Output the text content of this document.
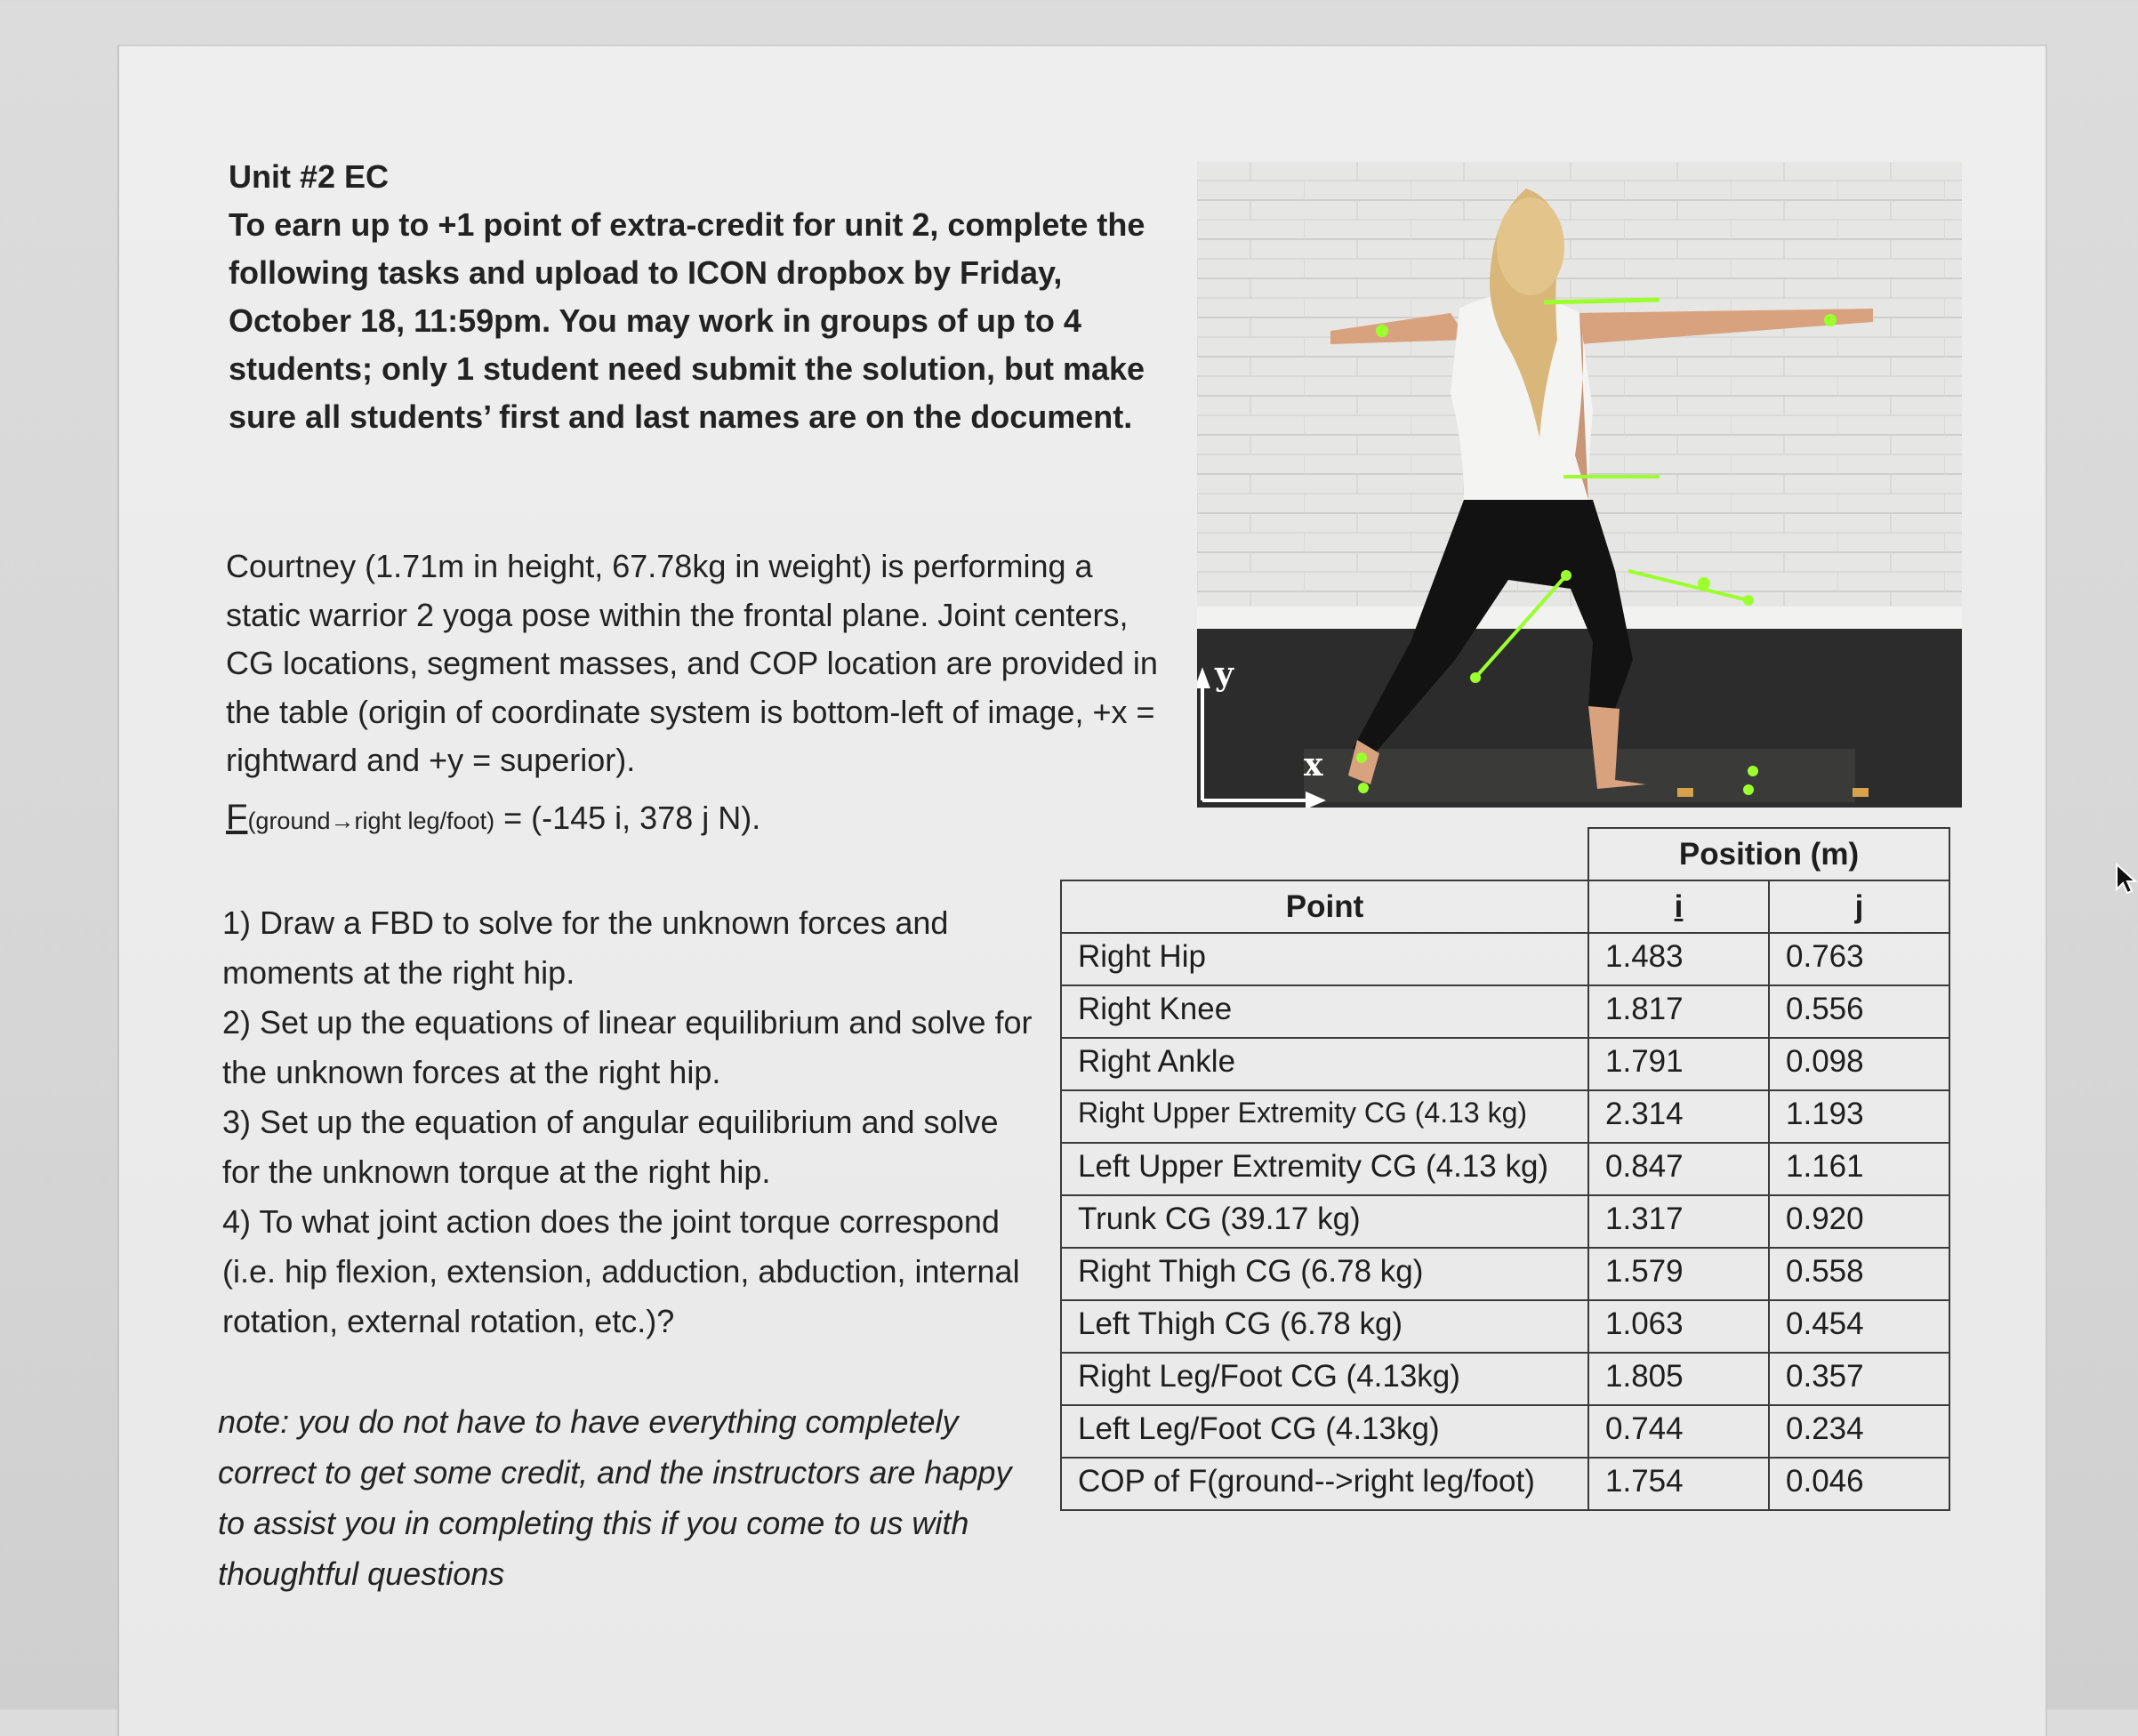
Unit #2 EC
To earn up to +1 point of extra-credit for unit 2, complete the following tasks and upload to ICON dropbox by Friday, October 18, 11:59pm. You may work in groups of up to 4 students; only 1 student need submit the solution, but make sure all students’ first and last names are on the document.
Courtney (1.71m in height, 67.78kg in weight) is performing a static warrior 2 yoga pose within the frontal plane. Joint centers, CG locations, segment masses, and COP location are provided in the table (origin of coordinate system is bottom-left of image, +x = rightward and +y = superior).
F(ground→right leg/foot) = (-145 i, 378 j N).

1) Draw a FBD to solve for the unknown forces and moments at the right hip.

2) Set up the equations of linear equilibrium and solve for the unknown forces at the right hip.

3) Set up the equation of angular equilibrium and solve for the unknown torque at the right hip.

4) To what joint action does the joint torque correspond (i.e. hip flexion, extension, adduction, abduction, internal rotation, external rotation, etc.)?

note: you do not have to have everything completely correct to get some credit, and the instructors are happy to assist you in completing this if you come to us with thoughtful questions
y
x
	Position (m)	
Point	i	j
Right Hip	1.483	0.763
Right Knee	1.817	0.556
Right Ankle	1.791	0.098
Right Upper Extremity CG (4.13 kg)	2.314	1.193
Left Upper Extremity CG (4.13 kg)	0.847	1.161
Trunk CG (39.17 kg)	1.317	0.920
Right Thigh CG (6.78 kg)	1.579	0.558
Left Thigh CG (6.78 kg)	1.063	0.454
Right Leg/Foot CG (4.13kg)	1.805	0.357
Left Leg/Foot CG (4.13kg)	0.744	0.234
COP of F(ground-->right leg/foot)	1.754	0.046
